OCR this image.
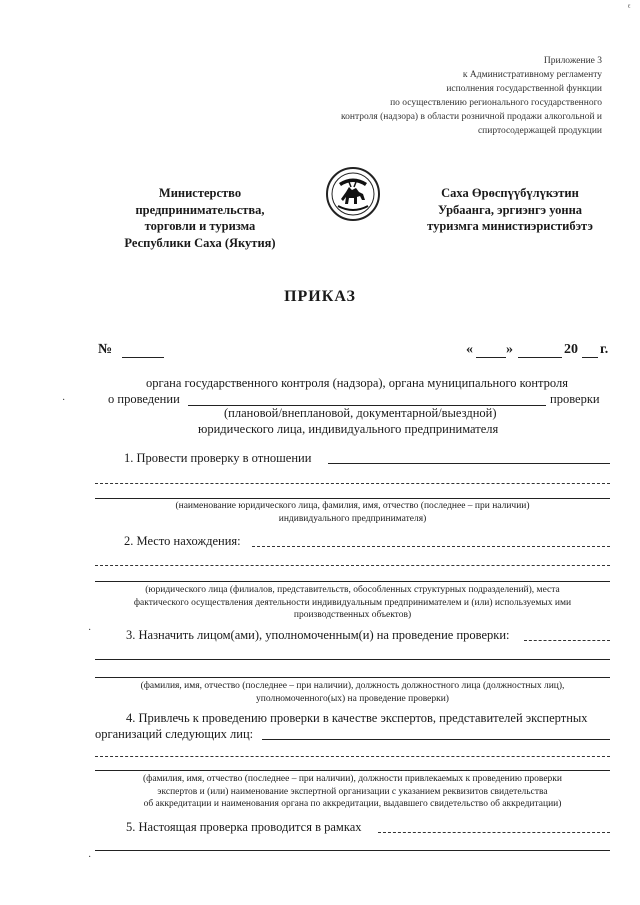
Приложение 3
к Административному регламенту
исполнения государственной функции
по осуществлению регионального государственного
контроля (надзора) в области розничной продажи алкогольной и
спиртосодержащей продукции
Министерство
предпринимательства,
торговли и туризма
Республики Саха (Якутия)
Саха Өрөспүүбүлүкэтин
Урбаанга, эргиэнгэ уонна
туризмга министиэристибэтэ
ПРИКАЗ
№	« »	20 г.
органа государственного контроля (надзора), органа муниципального контроля
о проведении	проверки
(плановой/внеплановой, документарной/выездной)
юридического лица, индивидуального предпринимателя
1. Провести проверку в отношении
(наименование юридического лица, фамилия, имя, отчество (последнее – при наличии)
индивидуального предпринимателя)
2. Место нахождения:
(юридического лица (филиалов, представительств, обособленных структурных подразделений), места
фактического осуществления деятельности индивидуальным предпринимателем и (или) используемых ими
производственных объектов)
3. Назначить лицом(ами), уполномоченным(и) на проведение проверки:
(фамилия, имя, отчество (последнее – при наличии), должность должностного лица (должностных лиц),
уполномоченного(ых) на проведение проверки)
4. Привлечь к проведению проверки в качестве экспертов, представителей экспертных
организаций следующих лиц:
(фамилия, имя, отчество (последнее – при наличии), должности привлекаемых к проведению проверки
экспертов и (или) наименование экспертной организации с указанием реквизитов свидетельства
об аккредитации и наименования органа по аккредитации, выдавшего свидетельство об аккредитации)
5. Настоящая проверка проводится в рамках
ᵋ
·
·
·
